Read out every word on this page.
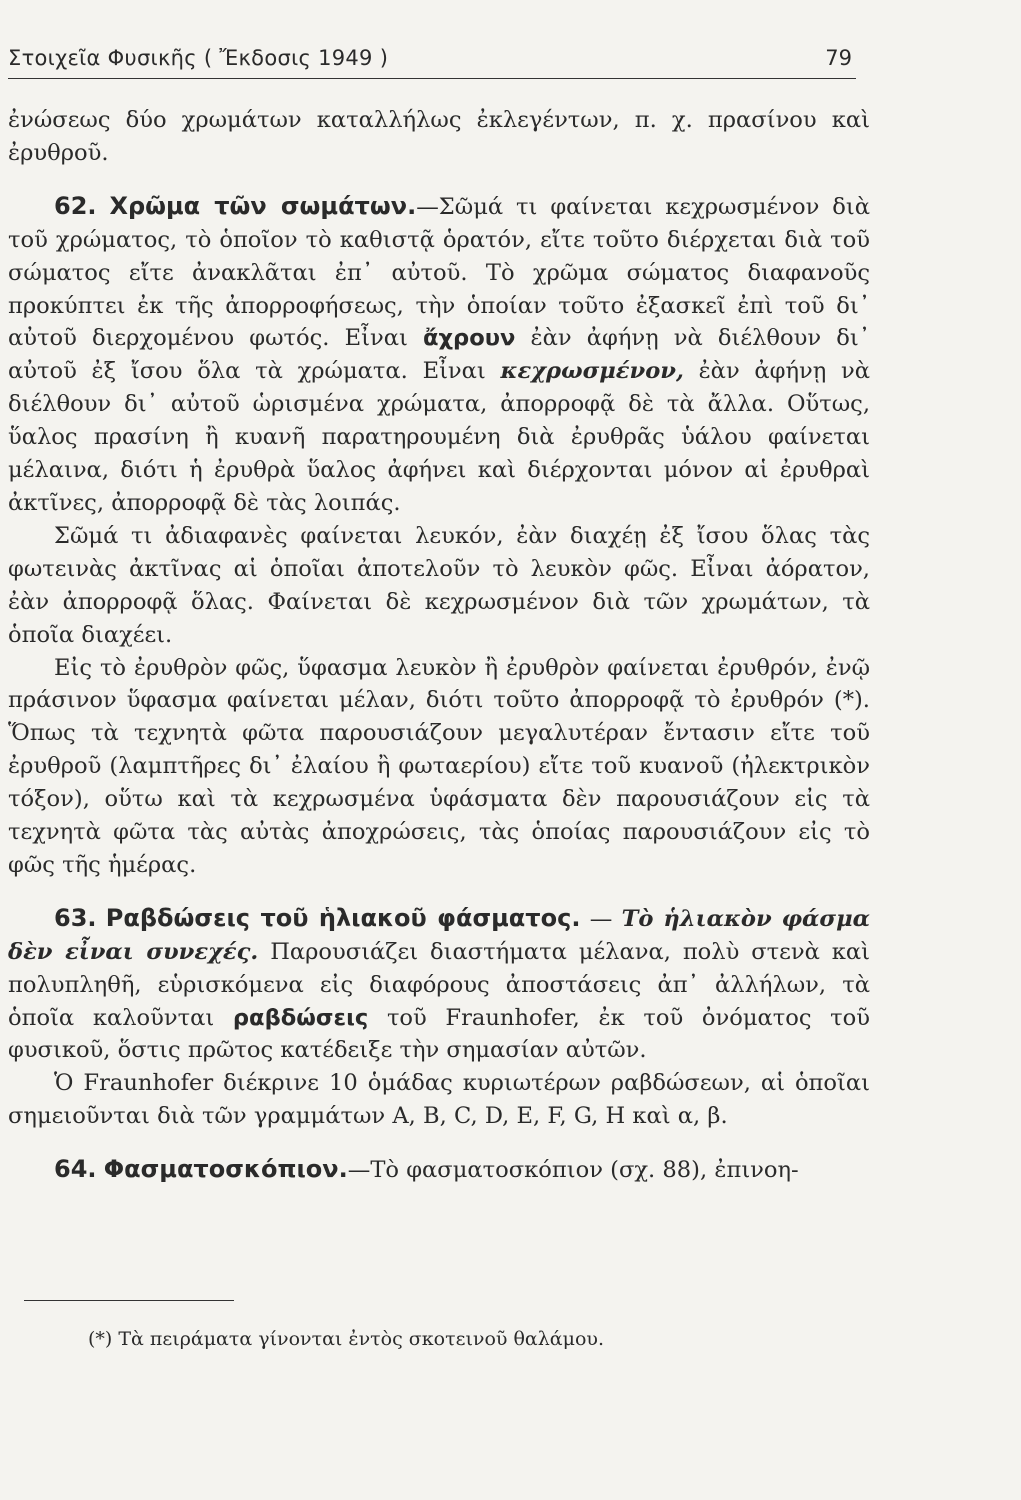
Στοιχεῖα Φυσικῆς ( Ἔκδοσις 1949 )	79

ἐνώσεως δύο χρωμάτων καταλλήλως ἐκλεγέντων, π. χ. πρασίνου καὶ ἐρυθροῦ.

62. Χρῶμα τῶν σωμάτων.—Σῶμά τι φαίνεται κεχρωσμένον διὰ τοῦ χρώματος, τὸ ὁποῖον τὸ καθιστᾷ ὁρατόν, εἴτε τοῦτο διέρχεται διὰ τοῦ σώματος εἴτε ἀνακλᾶται ἐπ᾽ αὐτοῦ. Τὸ χρῶμα σώματος διαφανοῦς προκύπτει ἐκ τῆς ἀπορροφήσεως, τὴν ὁποίαν τοῦτο ἐξασκεῖ ἐπὶ τοῦ δι᾽ αὐτοῦ διερχομένου φωτός. Εἶναι ἄχρουν ἐὰν ἀφήνῃ νὰ διέλθουν δι᾽ αὐτοῦ ἐξ ἴσου ὅλα τὰ χρώματα. Εἶναι κεχρωσμένον, ἐὰν ἀφήνῃ νὰ διέλθουν δι᾽ αὐτοῦ ὡρισμένα χρώματα, ἀπορροφᾷ δὲ τὰ ἄλλα. Οὕτως, ὕαλος πρασίνη ἢ κυανῆ παρατηρουμένη διὰ ἐρυθρᾶς ὑάλου φαίνεται μέλαινα, διότι ἡ ἐρυθρὰ ὕαλος ἀφήνει καὶ διέρχονται μόνον αἱ ἐρυθραὶ ἀκτῖνες, ἀπορροφᾷ δὲ τὰς λοιπάς.

Σῶμά τι ἀδιαφανὲς φαίνεται λευκόν, ἐὰν διαχέῃ ἐξ ἴσου ὅλας τὰς φωτεινὰς ἀκτῖνας αἱ ὁποῖαι ἀποτελοῦν τὸ λευκὸν φῶς. Εἶναι ἀόρατον, ἐὰν ἀπορροφᾷ ὅλας. Φαίνεται δὲ κεχρωσμένον διὰ τῶν χρωμάτων, τὰ ὁποῖα διαχέει.

Εἰς τὸ ἐρυθρὸν φῶς, ὕφασμα λευκὸν ἢ ἐρυθρὸν φαίνεται ἐρυθρόν, ἐνῷ πράσινον ὕφασμα φαίνεται μέλαν, διότι τοῦτο ἀπορροφᾷ τὸ ἐρυθρόν (*). Ὅπως τὰ τεχνητὰ φῶτα παρουσιάζουν μεγαλυτέραν ἔντασιν εἴτε τοῦ ἐρυθροῦ (λαμπτῆρες δι᾽ ἐλαίου ἢ φωταερίου) εἴτε τοῦ κυανοῦ (ἠλεκτρικὸν τόξον), οὕτω καὶ τὰ κεχρωσμένα ὑφάσματα δὲν παρουσιάζουν εἰς τὰ τεχνητὰ φῶτα τὰς αὐτὰς ἀποχρώσεις, τὰς ὁποίας παρουσιάζουν εἰς τὸ φῶς τῆς ἡμέρας.

63. Ραβδώσεις τοῦ ἡλιακοῦ φάσματος. — Τὸ ἡλιακὸν φάσμα δὲν εἶναι συνεχές. Παρουσιάζει διαστήματα μέλανα, πολὺ στενὰ καὶ πολυπληθῆ, εὑρισκόμενα εἰς διαφόρους ἀποστάσεις ἀπ᾽ ἀλλήλων, τὰ ὁποῖα καλοῦνται ραβδώσεις τοῦ Fraunhofer, ἐκ τοῦ ὀνόματος τοῦ φυσικοῦ, ὅστις πρῶτος κατέδειξε τὴν σημασίαν αὐτῶν.

Ὁ Fraunhofer διέκρινε 10 ὁμάδας κυριωτέρων ραβδώσεων, αἱ ὁποῖαι σημειοῦνται διὰ τῶν γραμμάτων A, B, C, D, E, F, G, H καὶ α, β.

64. Φασματοσκόπιον.—Τὸ φασματοσκόπιον (σχ. 88), ἐπινοη-

(*) Τὰ πειράματα γίνονται ἐντὸς σκοτεινοῦ θαλάμου.
